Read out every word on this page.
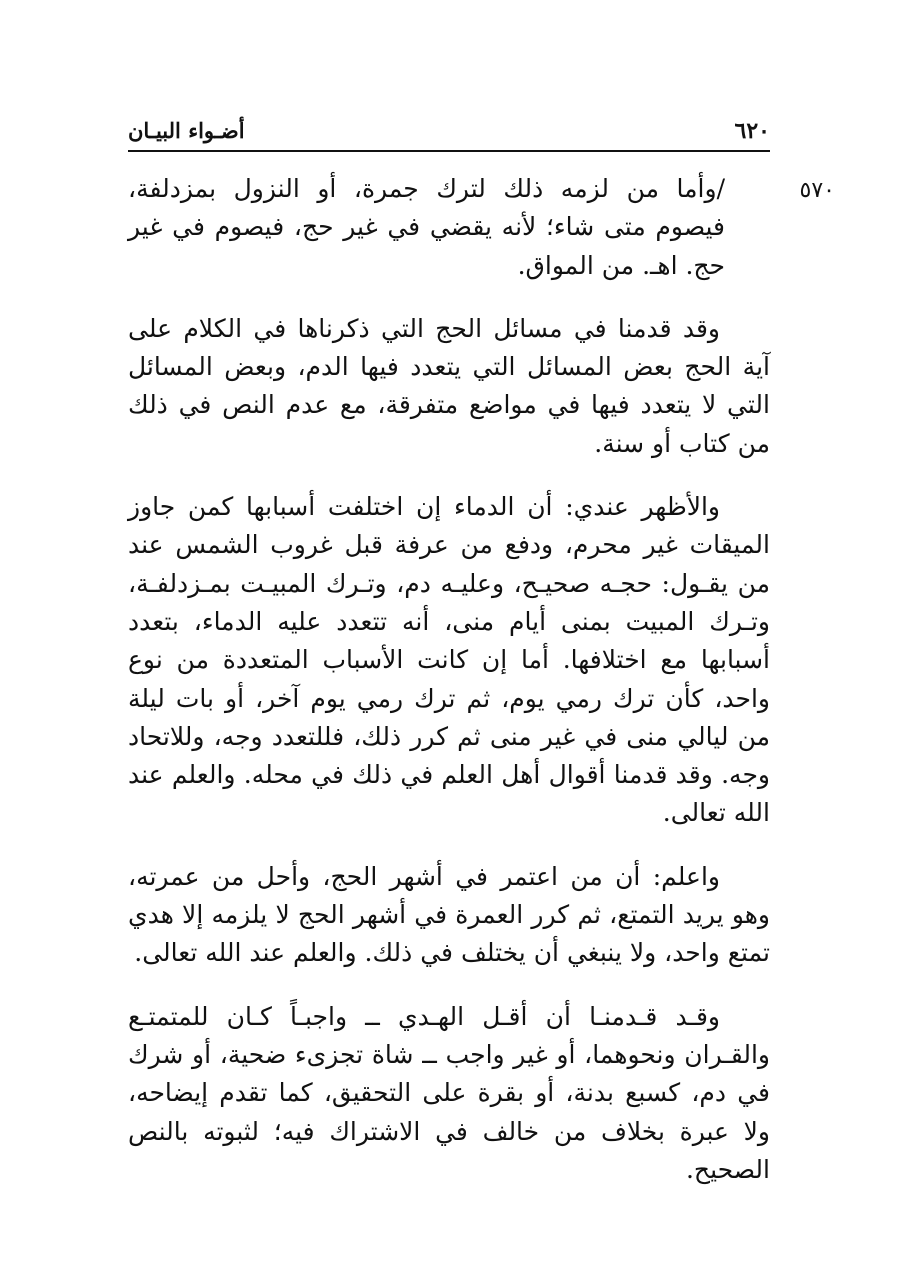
٦٢٠
أضـواء البيـان
٥٧٠

/وأما من لزمه ذلك لترك جمرة، أو النزول بمزدلفة، فيصوم متى شاء؛ لأنه يقضي في غير حج، فيصوم في غير حج. اهـ. من المواق.

وقد قدمنا في مسائل الحج التي ذكرناها في الكلام على آية الحج بعض المسائل التي يتعدد فيها الدم، وبعض المسائل التي لا يتعدد فيها في مواضع متفرقة، مع عدم النص في ذلك من كتاب أو سنة.

والأظهر عندي: أن الدماء إن اختلفت أسبابها كمن جاوز الميقات غير محرم، ودفع من عرفة قبل غروب الشمس عند من يقـول: حجـه صحيـح، وعليـه دم، وتـرك المبيـت بمـزدلفـة، وتـرك المبيت بمنى أيام منى، أنه تتعدد عليه الدماء، بتعدد أسبابها مع اختلافها. أما إن كانت الأسباب المتعددة من نوع واحد، كأن ترك رمي يوم، ثم ترك رمي يوم آخر، أو بات ليلة من ليالي منى في غير منى ثم كرر ذلك، فللتعدد وجه، وللاتحاد وجه. وقد قدمنا أقوال أهل العلم في ذلك في محله. والعلم عند الله تعالى.

واعلم: أن من اعتمر في أشهر الحج، وأحل من عمرته، وهو يريد التمتع، ثم كرر العمرة في أشهر الحج لا يلزمه إلا هدي تمتع واحد، ولا ينبغي أن يختلف في ذلك. والعلم عند الله تعالى.

وقـد قـدمنـا أن أقـل الهـدي ــ واجبـاً كـان للمتمتـع والقـران ونحوهما، أو غير واجب ــ شاة تجزىء ضحية، أو شرك في دم، كسبع بدنة، أو بقرة على التحقيق، كما تقدم إيضاحه، ولا عبرة بخلاف من خالف في الاشتراك فيه؛ لثبوته بالنص الصحيح.
